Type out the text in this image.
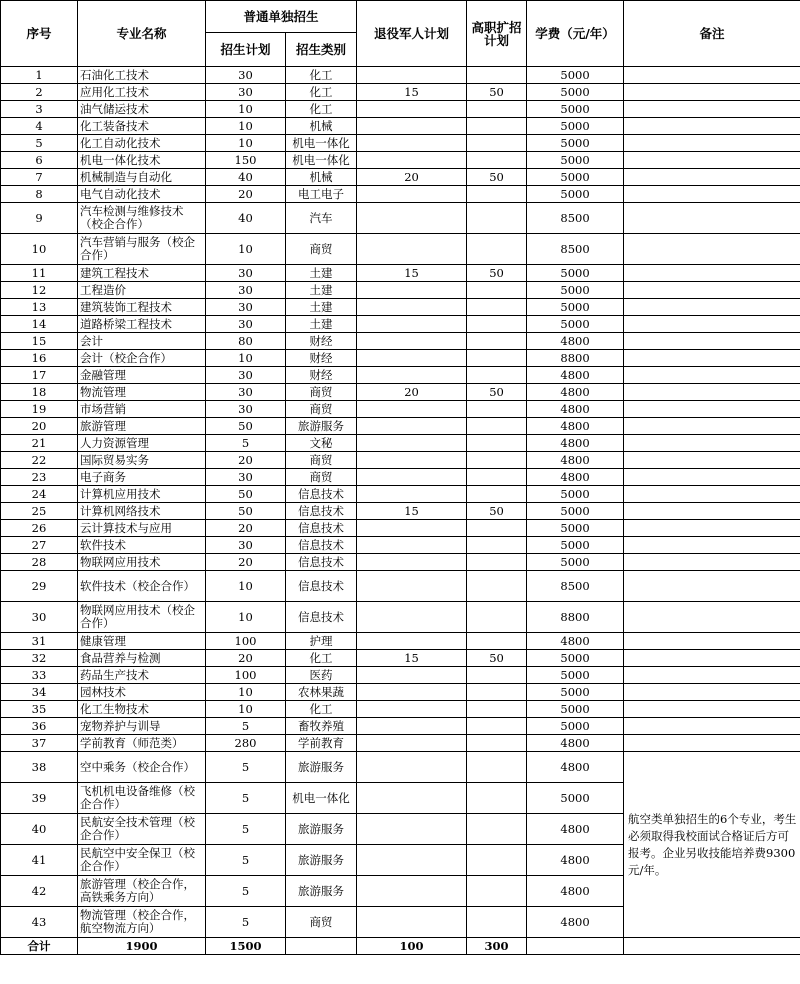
序号	专业名称	普通单独招生		退役军人计划	高职扩招计划	学费（元/年）	备注
		招生计划	招生类别				
1	石油化工技术	30	化工			5000	
2	应用化工技术	30	化工	15	50	5000	
3	油气储运技术	10	化工			5000	
4	化工装备技术	10	机械			5000	
5	化工自动化技术	10	机电一体化			5000	
6	机电一体化技术	150	机电一体化			5000	
7	机械制造与自动化	40	机械	20	50	5000	
8	电气自动化技术	20	电工电子			5000	
9	汽车检测与维修技术（校企合作）	40	汽车			8500	
10	汽车营销与服务（校企合作）	10	商贸			8500	
11	建筑工程技术	30	土建	15	50	5000	
12	工程造价	30	土建			5000	
13	建筑装饰工程技术	30	土建			5000	
14	道路桥梁工程技术	30	土建			5000	
15	会计	80	财经			4800	
16	会计（校企合作）	10	财经			8800	
17	金融管理	30	财经			4800	
18	物流管理	30	商贸	20	50	4800	
19	市场营销	30	商贸			4800	
20	旅游管理	50	旅游服务			4800	
21	人力资源管理	5	文秘			4800	
22	国际贸易实务	20	商贸			4800	
23	电子商务	30	商贸			4800	
24	计算机应用技术	50	信息技术			5000	
25	计算机网络技术	50	信息技术	15	50	5000	
26	云计算技术与应用	20	信息技术			5000	
27	软件技术	30	信息技术			5000	
28	物联网应用技术	20	信息技术			5000	
29	软件技术（校企合作）	10	信息技术			8500	
30	物联网应用技术（校企合作）	10	信息技术			8800	
31	健康管理	100	护理			4800	
32	食品营养与检测	20	化工	15	50	5000	
33	药品生产技术	100	医药			5000	
34	园林技术	10	农林果蔬			5000	
35	化工生物技术	10	化工			5000	
36	宠物养护与训导	5	畜牧养殖			5000	
37	学前教育（师范类）	280	学前教育			4800	
38	空中乘务（校企合作）	5	旅游服务			4800	航空类单独招生的6个专业，考生必须取得我校面试合格证后方可报考。企业另收技能培养费9300元/年。
39	飞机机电设备维修（校企合作）	5	机电一体化			5000	
40	民航安全技术管理（校企合作）	5	旅游服务			4800	
41	民航空中安全保卫（校企合作）	5	旅游服务			4800	
42	旅游管理（校企合作，高铁乘务方向）	5	旅游服务			4800	
43	物流管理（校企合作，航空物流方向）	5	商贸			4800	
合计	1900	1500		100	300		
